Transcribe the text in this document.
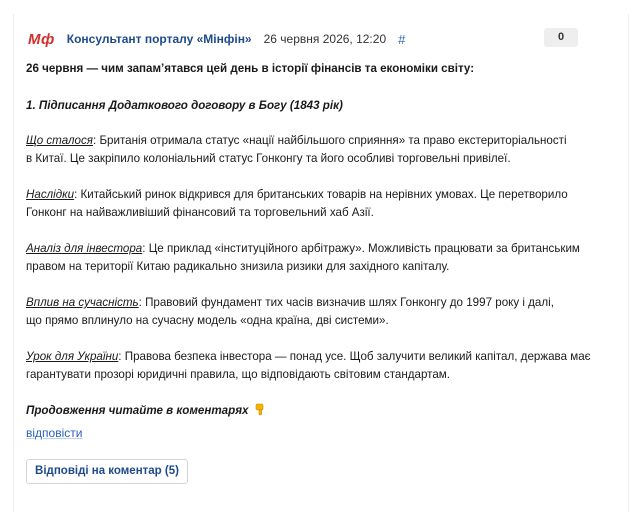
Мф Консультант порталу «Мінфін» 26 червня 2026, 12:20 #	0
26 червня — чим запам’ятався цей день в історії фінансів та економіки світу:
1. Підписання Додаткового договору в Богу (1843 рік)
Що сталося: Британія отримала статус «нації найбільшого сприяння» та право екстериторіальності
в Китаї. Це закріпило колоніальний статус Гонконгу та його особливі торговельні привілеї.
Наслідки: Китайський ринок відкрився для британських товарів на нерівних умовах. Це перетворило
Гонконг на найважливіший фінансовий та торговельний хаб Азії.
Аналіз для інвестора: Це приклад «інституційного арбітражу». Можливість працювати за британським
правом на території Китаю радикально знизила ризики для західного капіталу.
Вплив на сучасність: Правовий фундамент тих часів визначив шлях Гонконгу до 1997 року і далі,
що прямо вплинуло на сучасну модель «одна країна, дві системи».
Урок для України: Правова безпека інвестора — понад усе. Щоб залучити великий капітал, держава має
гарантувати прозорі юридичні правила, що відповідають світовим стандартам.
Продовження читайте в коментарях
відповісти
Відповіді на коментар (5)
